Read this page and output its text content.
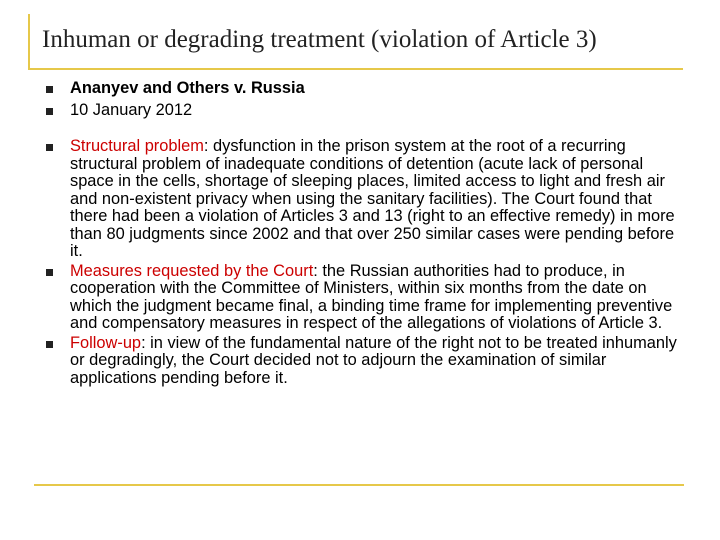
Inhuman or degrading treatment (violation of Article 3)
Ananyev and Others v. Russia
10 January 2012
Structural problem: dysfunction in the prison system at the root of a recurring structural problem of inadequate conditions of detention (acute lack of personal space in the cells, shortage of sleeping places, limited access to light and fresh air and non-existent privacy when using the sanitary facilities). The Court found that there had been a violation of Articles 3 and 13 (right to an effective remedy) in more than 80 judgments since 2002 and that over 250 similar cases were pending before it.
Measures requested by the Court: the Russian authorities had to produce, in cooperation with the Committee of Ministers, within six months from the date on which the judgment became final, a binding time frame for implementing preventive and compensatory measures in respect of the allegations of violations of Article 3.
Follow-up: in view of the fundamental nature of the right not to be treated inhumanly or degradingly, the Court decided not to adjourn the examination of similar applications pending before it.
